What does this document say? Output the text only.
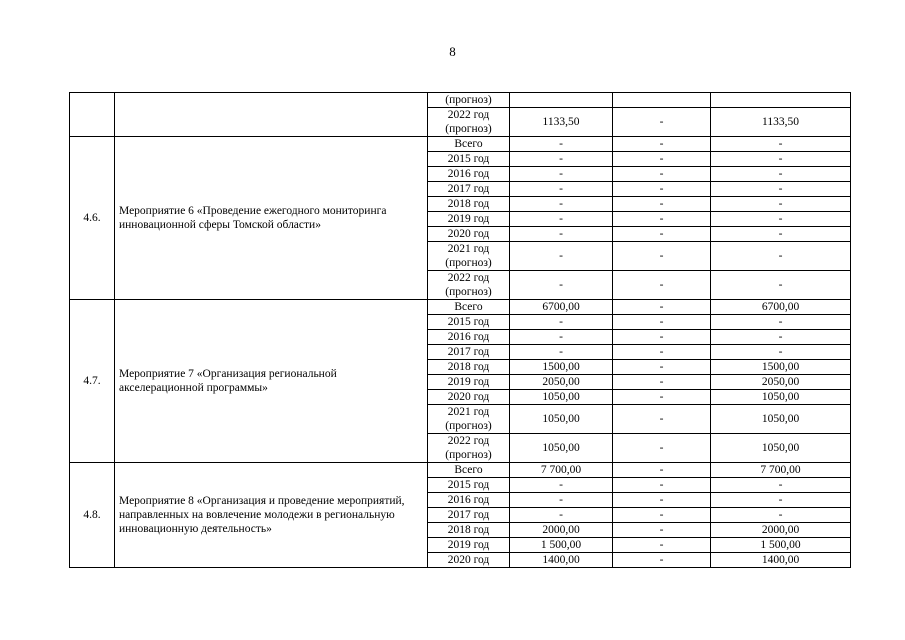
8
		(прогноз)			
		2022 год (прогноз)	1133,50	-	1133,50
4.6.	Мероприятие 6 «Проведение ежегодного мониторинга инновационной сферы Томской области»	Всего	-	-	-
		2015 год	-	-	-
		2016 год	-	-	-
		2017 год	-	-	-
		2018 год	-	-	-
		2019 год	-	-	-
		2020 год	-	-	-
		2021 год (прогноз)	-	-	-
		2022 год (прогноз)	-	-	-
4.7.	Мероприятие 7 «Организация региональной акселерационной программы»	Всего	6700,00	-	6700,00
		2015 год	-	-	-
		2016 год	-	-	-
		2017 год	-	-	-
		2018 год	1500,00	-	1500,00
		2019 год	2050,00	-	2050,00
		2020 год	1050,00	-	1050,00
		2021 год (прогноз)	1050,00	-	1050,00
		2022 год (прогноз)	1050,00	-	1050,00
4.8.	Мероприятие 8 «Организация и проведение мероприятий, направленных на вовлечение молодежи в региональную инновационную деятельность»	Всего	7 700,00	-	7 700,00
		2015 год	-	-	-
		2016 год	-	-	-
		2017 год	-	-	-
		2018 год	2000,00	-	2000,00
		2019 год	1 500,00	-	1 500,00
		2020 год	1400,00	-	1400,00
